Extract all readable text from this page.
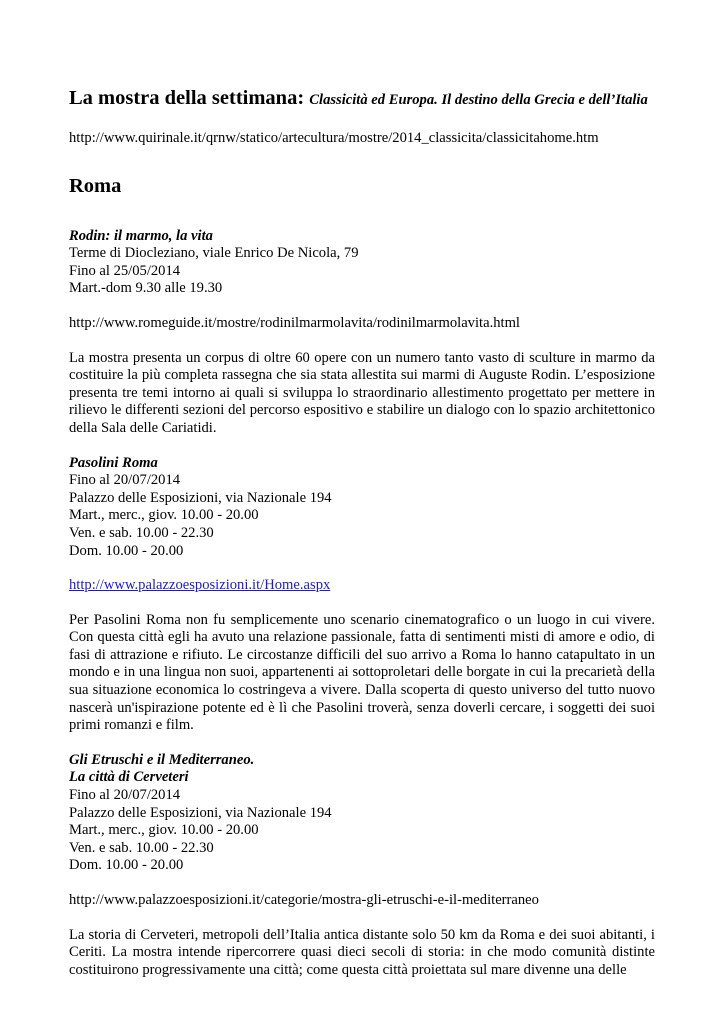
La mostra della settimana: Classicità ed Europa. Il destino della Grecia e dell’Italia

http://www.quirinale.it/qrnw/statico/artecultura/mostre/2014_classicita/classicitahome.htm

Roma

Rodin: il marmo, la vita

Terme di Diocleziano, viale Enrico De Nicola, 79

Fino al 25/05/2014

Mart.-dom 9.30 alle 19.30

http://www.romeguide.it/mostre/rodinilmarmolavita/rodinilmarmolavita.html

La mostra presenta un corpus di oltre 60 opere con un numero tanto vasto di sculture in marmo da costituire la più completa rassegna che sia stata allestita sui marmi di Auguste Rodin. L’esposizione presenta tre temi intorno ai quali si sviluppa lo straordinario allestimento progettato per mettere in rilievo le differenti sezioni del percorso espositivo e stabilire un dialogo con lo spazio architettonico della Sala delle Cariatidi.

Pasolini Roma

Fino al 20/07/2014

Palazzo delle Esposizioni, via Nazionale 194

Mart., merc., giov. 10.00 - 20.00

Ven. e sab. 10.00 - 22.30

Dom. 10.00 - 20.00

http://www.palazzoesposizioni.it/Home.aspx

Per Pasolini Roma non fu semplicemente uno scenario cinematografico o un luogo in cui vivere. Con questa città egli ha avuto una relazione passionale, fatta di sentimenti misti di amore e odio, di fasi di attrazione e rifiuto. Le circostanze difficili del suo arrivo a Roma lo hanno catapultato in un mondo e in una lingua non suoi, appartenenti ai sottoproletari delle borgate in cui la precarietà della sua situazione economica lo costringeva a vivere. Dalla scoperta di questo universo del tutto nuovo nascerà un'ispirazione potente ed è lì che Pasolini troverà, senza doverli cercare, i soggetti dei suoi primi romanzi e film.

Gli Etruschi e il Mediterraneo.

La città di Cerveteri

Fino al 20/07/2014

Palazzo delle Esposizioni, via Nazionale 194

Mart., merc., giov. 10.00 - 20.00

Ven. e sab. 10.00 - 22.30

Dom. 10.00 - 20.00

http://www.palazzoesposizioni.it/categorie/mostra-gli-etruschi-e-il-mediterraneo

La storia di Cerveteri, metropoli dell’Italia antica distante solo 50 km da Roma e dei suoi abitanti, i Ceriti. La mostra intende ripercorrere quasi dieci secoli di storia: in che modo comunità distinte costituirono progressivamente una città; come questa città proiettata sul mare divenne una delle
